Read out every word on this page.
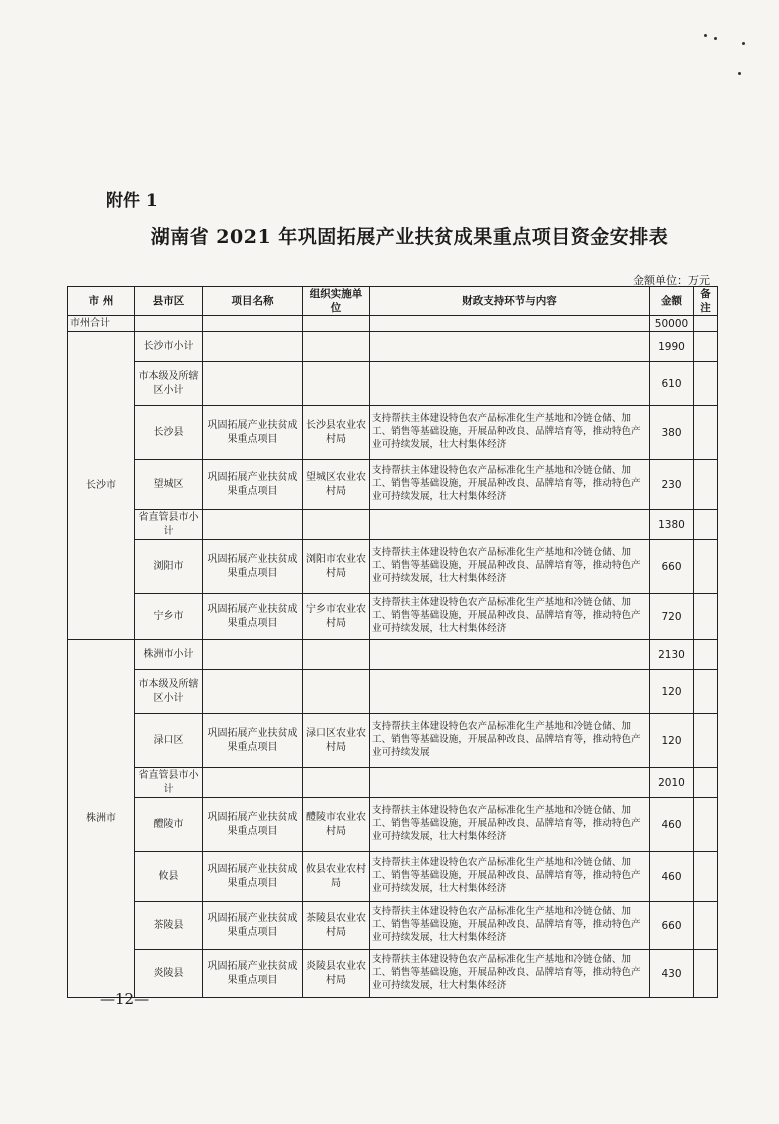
附件 1
湖南省 2021 年巩固拓展产业扶贫成果重点项目资金安排表
金额单位：万元
市 州	县市区	项目名称	组织实施单位	财政支持环节与内容	金额	备注
市州合计					50000	
长沙市	长沙市小计				1990	
	市本级及所辖区小计				610	
	长沙县	巩固拓展产业扶贫成果重点项目	长沙县农业农村局	支持帮扶主体建设特色农产品标准化生产基地和冷链仓储、加工、销售等基础设施，开展品种改良、品牌培育等，推动特色产业可持续发展，壮大村集体经济	380	
	望城区	巩固拓展产业扶贫成果重点项目	望城区农业农村局	支持帮扶主体建设特色农产品标准化生产基地和冷链仓储、加工、销售等基础设施，开展品种改良、品牌培育等，推动特色产业可持续发展，壮大村集体经济	230	
	省直管县市小计				1380	
	浏阳市	巩固拓展产业扶贫成果重点项目	浏阳市农业农村局	支持帮扶主体建设特色农产品标准化生产基地和冷链仓储、加工、销售等基础设施，开展品种改良、品牌培育等，推动特色产业可持续发展，壮大村集体经济	660	
	宁乡市	巩固拓展产业扶贫成果重点项目	宁乡市农业农村局	支持帮扶主体建设特色农产品标准化生产基地和冷链仓储、加工、销售等基础设施，开展品种改良、品牌培育等，推动特色产业可持续发展，壮大村集体经济	720	
株洲市	株洲市小计				2130	
	市本级及所辖区小计				120	
	渌口区	巩固拓展产业扶贫成果重点项目	渌口区农业农村局	支持帮扶主体建设特色农产品标准化生产基地和冷链仓储、加工、销售等基础设施，开展品种改良、品牌培育等，推动特色产业可持续发展	120	
	省直管县市小计				2010	
	醴陵市	巩固拓展产业扶贫成果重点项目	醴陵市农业农村局	支持帮扶主体建设特色农产品标准化生产基地和冷链仓储、加工、销售等基础设施，开展品种改良、品牌培育等，推动特色产业可持续发展，壮大村集体经济	460	
	攸县	巩固拓展产业扶贫成果重点项目	攸县农业农村局	支持帮扶主体建设特色农产品标准化生产基地和冷链仓储、加工、销售等基础设施，开展品种改良、品牌培育等，推动特色产业可持续发展，壮大村集体经济	460	
	茶陵县	巩固拓展产业扶贫成果重点项目	茶陵县农业农村局	支持帮扶主体建设特色农产品标准化生产基地和冷链仓储、加工、销售等基础设施，开展品种改良、品牌培育等，推动特色产业可持续发展，壮大村集体经济	660	
	炎陵县	巩固拓展产业扶贫成果重点项目	炎陵县农业农村局	支持帮扶主体建设特色农产品标准化生产基地和冷链仓储、加工、销售等基础设施，开展品种改良、品牌培育等，推动特色产业可持续发展，壮大村集体经济	430	
—12—
